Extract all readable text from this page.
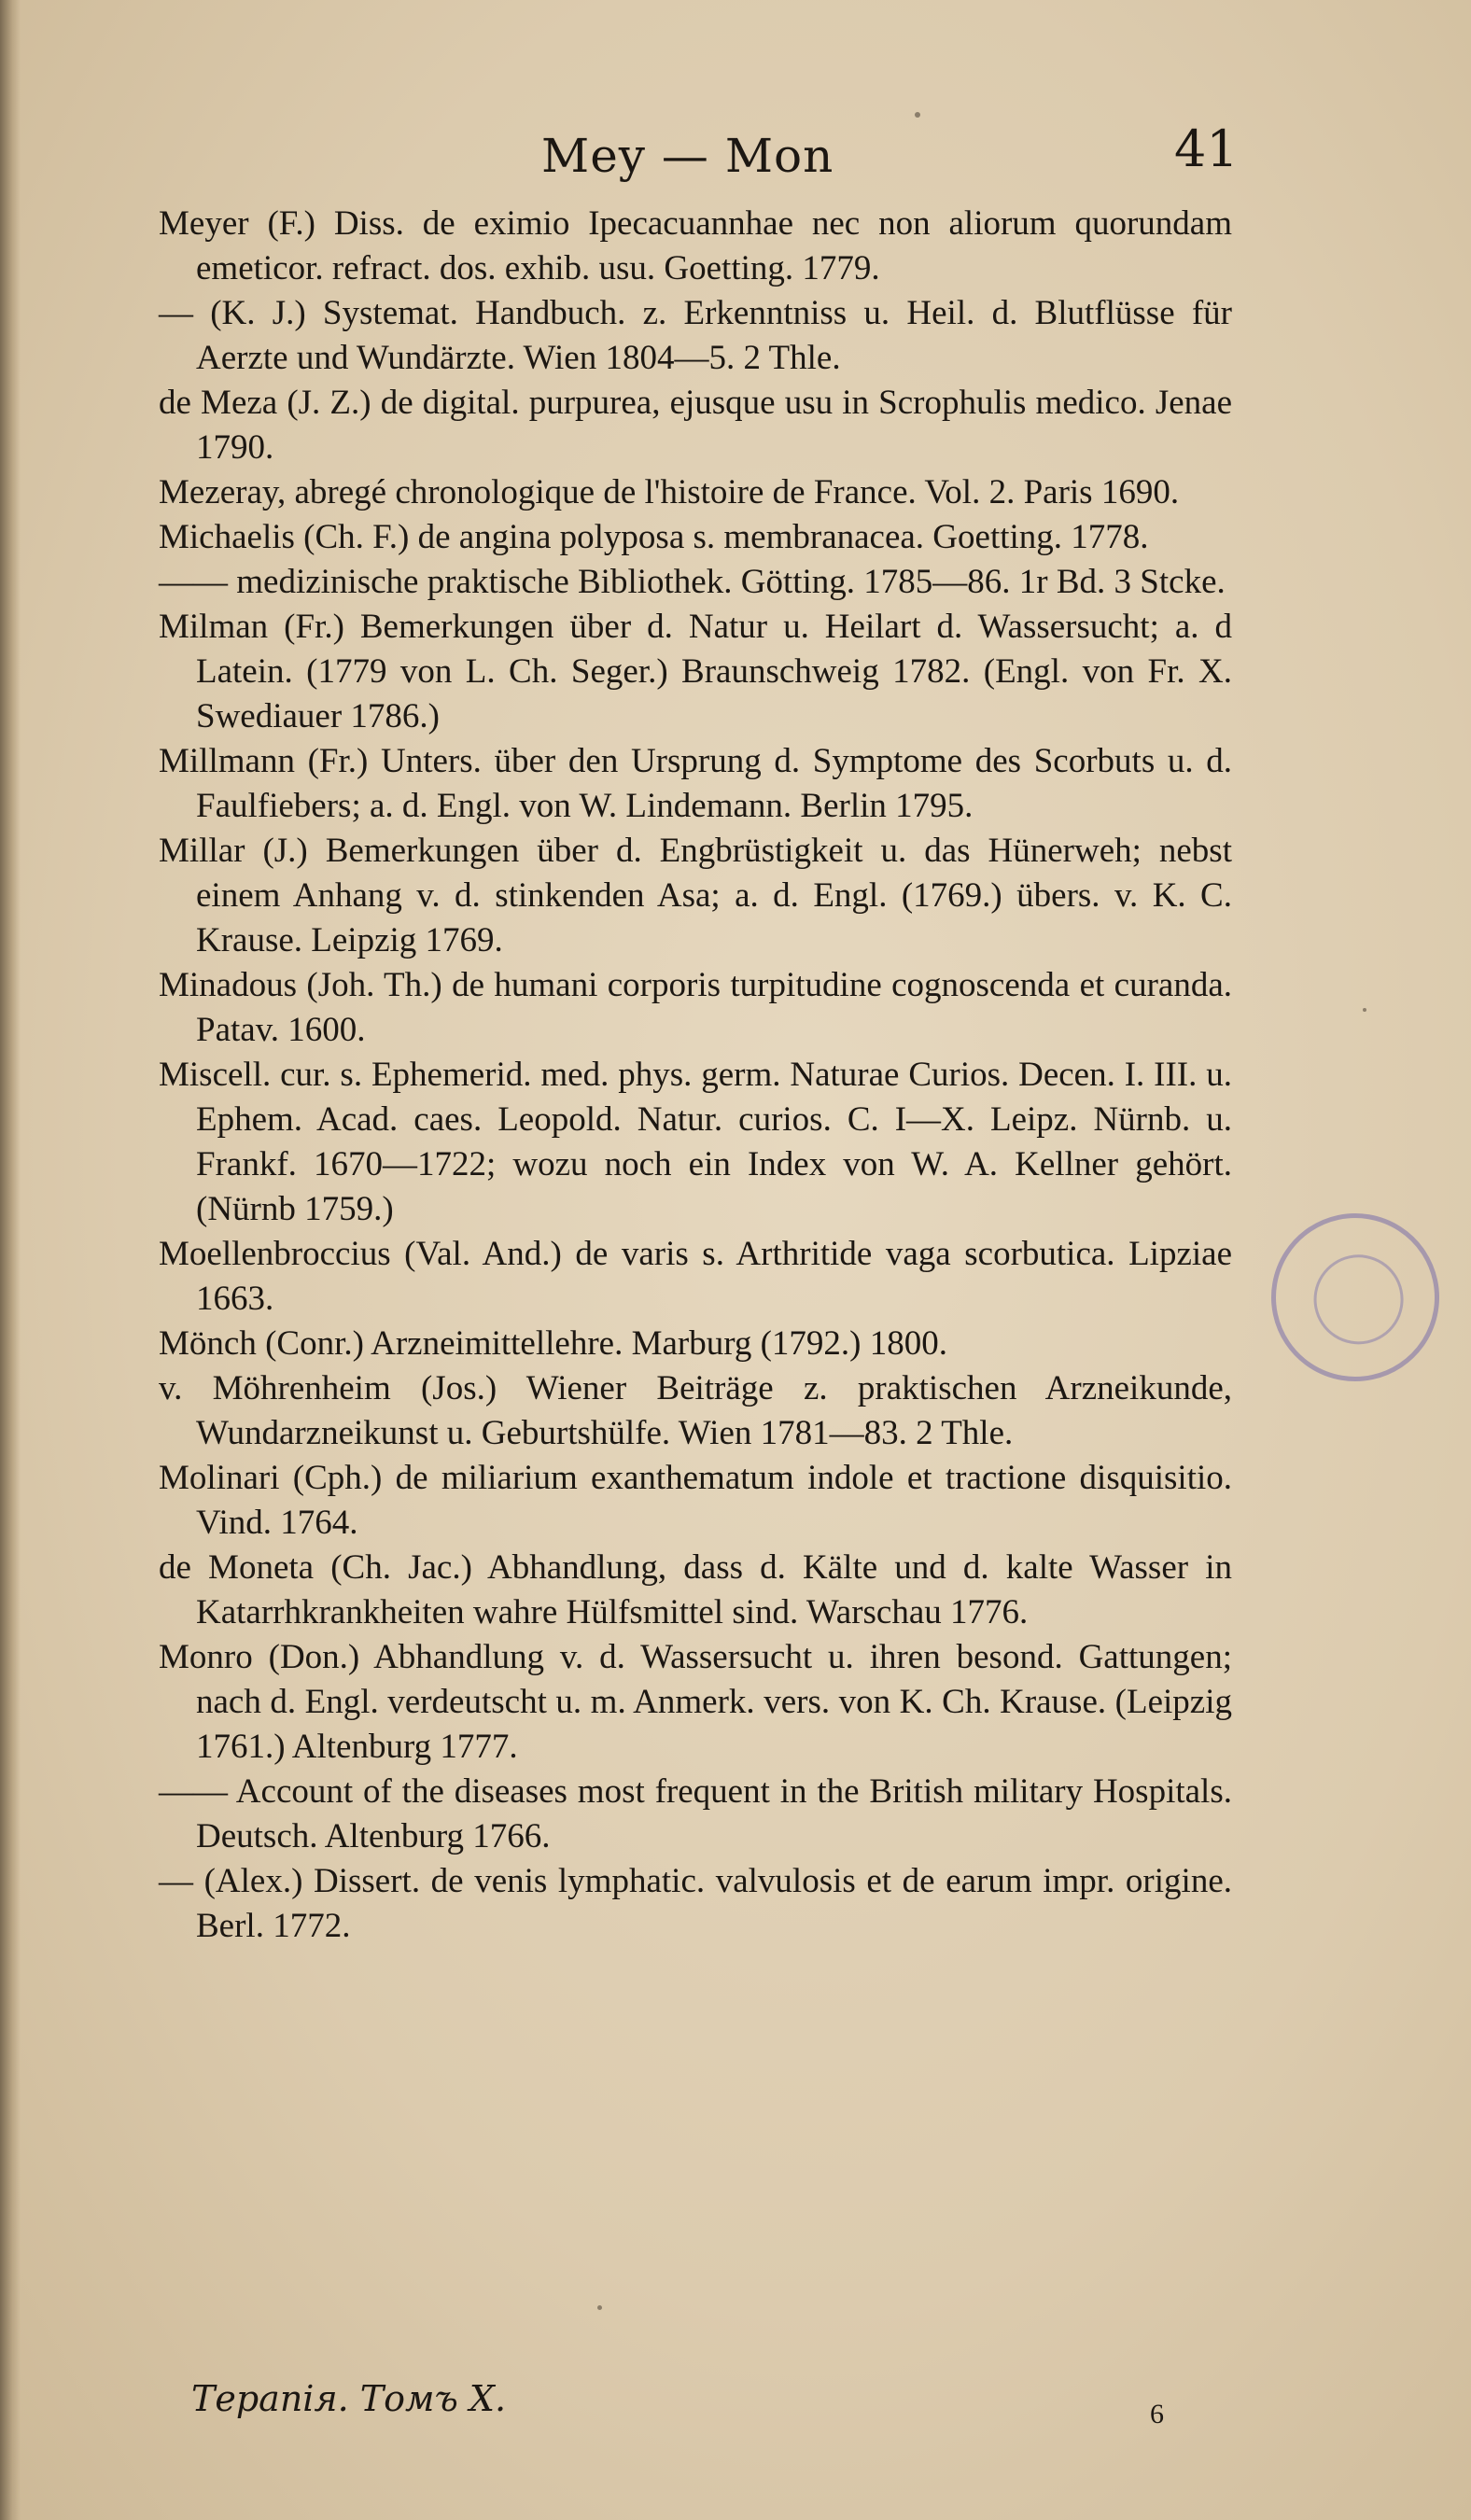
Mey — Mon	41

Meyer (F.) Diss. de eximio Ipecacuannhae nec non aliorum quorundam emeticor. refract. dos. exhib. usu. Goetting. 1779.

— (K. J.) Systemat. Handbuch. z. Erkenntniss u. Heil. d. Blutflüsse für Aerzte und Wundärzte. Wien 1804—5. 2 Thle.

de Meza (J. Z.) de digital. purpurea, ejusque usu in Scrophulis medico. Jenae 1790.

Mezeray, abregé chronologique de l'histoire de France. Vol. 2. Paris 1690.

Michaelis (Ch. F.) de angina polyposa s. membranacea. Goetting. 1778.

—— medizinische praktische Bibliothek. Götting. 1785—86. 1r Bd. 3 Stcke.

Milman (Fr.) Bemerkungen über d. Natur u. Heilart d. Wassersucht; a. d Latein. (1779 von L. Ch. Seger.) Braunschweig 1782. (Engl. von Fr. X. Swediauer 1786.)

Millmann (Fr.) Unters. über den Ursprung d. Symptome des Scorbuts u. d. Faulfiebers; a. d. Engl. von W. Lindemann. Berlin 1795.

Millar (J.) Bemerkungen über d. Engbrüstigkeit u. das Hünerweh; nebst einem Anhang v. d. stinkenden Asa; a. d. Engl. (1769.) übers. v. K. C. Krause. Leipzig 1769.

Minadous (Joh. Th.) de humani corporis turpitudine cognoscenda et curanda. Patav. 1600.

Miscell. cur. s. Ephemerid. med. phys. germ. Naturae Curios. Decen. I. III. u. Ephem. Acad. caes. Leopold. Natur. curios. C. I—X. Leipz. Nürnb. u. Frankf. 1670—1722; wozu noch ein Index von W. A. Kellner gehört. (Nürnb 1759.)

Moellenbroccius (Val. And.) de varis s. Arthritide vaga scorbutica. Lipziae 1663.

Mönch (Conr.) Arzneimittellehre. Marburg (1792.) 1800.

v. Möhrenheim (Jos.) Wiener Beiträge z. praktischen Arzneikunde, Wundarzneikunst u. Geburtshülfe. Wien 1781—83. 2 Thle.

Molinari (Cph.) de miliarium exanthematum indole et tractione disquisitio. Vind. 1764.

de Moneta (Ch. Jac.) Abhandlung, dass d. Kälte und d. kalte Wasser in Katarrhkrankheiten wahre Hülfsmittel sind. Warschau 1776.

Monro (Don.) Abhandlung v. d. Wassersucht u. ihren besond. Gattungen; nach d. Engl. verdeutscht u. m. Anmerk. vers. von K. Ch. Krause. (Leipzig 1761.) Altenburg 1777.

—— Account of the diseases most frequent in the British military Hospitals. Deutsch. Altenburg 1766.

— (Alex.) Dissert. de venis lymphatic. valvulosis et de earum impr. origine. Berl. 1772.

Терапія. Томъ X.	6
